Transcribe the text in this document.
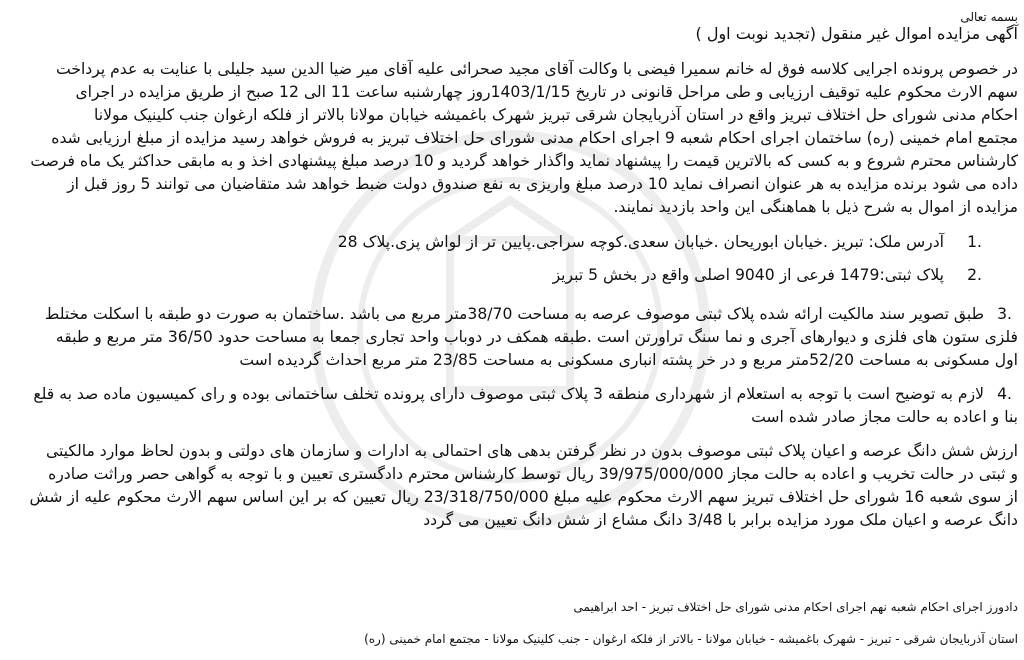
بسمه تعالی
آگهی مزایده اموال غیر منقول (تجدید نوبت اول )
در خصوص پرونده اجرایی کلاسه فوق له خانم سمیرا فیضی با وکالت آقای مجید صحرائی علیه آقای میر ضیا الدین سید جلیلی با عنایت به عدم پرداخت
سهم الارث محکوم علیه توقیف ارزیابی و طی مراحل قانونی در تاریخ 1403/1/15روز چهارشنبه ساعت 11 الی 12 صبح از طریق مزایده در اجرای
احکام مدنی شورای حل اختلاف تبریز واقع در استان آذربایجان شرقی تبریز شهرک باغمیشه خیابان مولانا بالاتر از فلکه ارغوان جنب کلینیک مولانا
مجتمع امام خمینی (ره) ساختمان اجرای احکام شعبه 9 اجرای احکام مدنی شورای حل اختلاف تبریز به فروش خواهد رسید مزایده از مبلغ ارزیابی شده
کارشناس محترم شروع و به کسی که بالاترین قیمت را پیشنهاد نماید واگذار خواهد گردید و 10 درصد مبلغ پیشنهادی اخذ و به مابقی حداکثر یک ماه فرصت
داده می شود برنده مزایده به هر عنوان انصراف نماید 10 درصد مبلغ واریزی به نفع صندوق دولت ضبط خواهد شد متقاضیان می توانند 5 روز قبل از
مزایده از اموال به شرح ذیل با هماهنگی این واحد بازدید نمایند.
آدرس ملک: تبریز .خیابان ابوریحان .خیابان سعدی.کوچه سراجی.پایین تر از لواش پزی.پلاک 28 1.
پلاک ثبتی:1479 فرعی از 9040 اصلی واقع در بخش 5 تبریز 2.
طبق تصویر سند مالکیت ارائه شده پلاک ثبتی موصوف عرصه به مساحت 38/70متر مربع می باشد .ساختمان به صورت دو طبقه با اسکلت مختلط 3.
فلزی ستون های فلزی و دیوارهای آجری و نما سنگ تراورتن است .طبقه همکف در دوباب واحد تجاری جمعا به مساحت حدود 36/50 متر مربع و طبقه
اول مسکونی به مساحت 52/20متر مربع و در خر پشته انباری مسکونی به مساحت 23/85 متر مربع احداث گردیده است
لازم به توضیح است با توجه به استعلام از شهرداری منطقه 3 پلاک ثبتی موصوف دارای پرونده تخلف ساختمانی بوده و رای کمیسیون ماده صد به قلع 4.
بنا و اعاده به حالت مجاز صادر شده است
ارزش شش دانگ عرصه و اعیان پلاک ثبتی موصوف بدون در نظر گرفتن بدهی های احتمالی به ادارات و سازمان های دولتی و بدون لحاظ موارد مالکیتی
و ثبتی در حالت تخریب و اعاده به حالت مجاز 39/975/000/000 ریال توسط کارشناس محترم دادگستری تعیین و با توجه به گواهی حصر وراثت صادره
از سوی شعبه 16 شورای حل اختلاف تبریز سهم الارث محکوم علیه مبلغ 23/318/750/000 ریال تعیین که بر این اساس سهم الارث محکوم علیه از شش
دانگ عرصه و اعیان ملک مورد مزایده برابر با 3/48 دانگ مشاع از شش دانگ تعیین می گردد
دادورز اجرای احکام شعبه نهم اجرای احکام مدنی شورای حل اختلاف تبریز - احد ابراهیمی
استان آذربایجان شرقی - تبریز - شهرک باغمیشه - خیابان مولانا - بالاتر از فلکه ارغوان - جنب کلینیک مولانا - مجتمع امام خمینی (ره)
